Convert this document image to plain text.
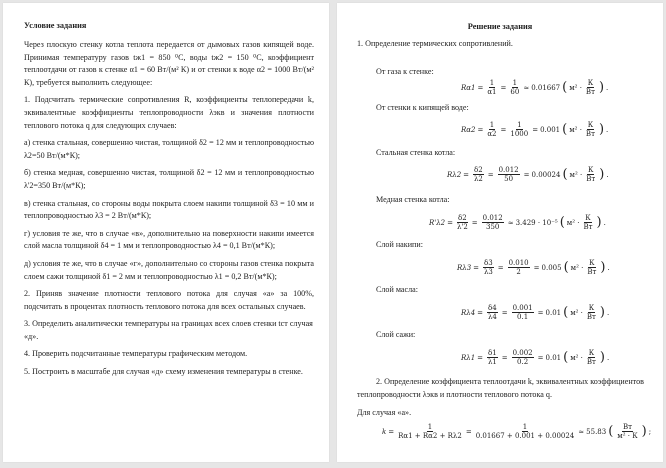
Условие задания

Через плоскую стенку котла теплота передается от дымовых газов кипящей воде. Принимая температуру газов tж1 = 850 ⁰С, воды tж2 = 150 ⁰С, коэффициент теплоотдачи от газов к стенке α1 = 60 Вт/(м² К) и от стенки к воде α2 = 1000 Вт/(м² К), требуется выполнить следующее:

1. Подсчитать термические сопротивления R, коэффициенты теплопередачи k, эквивалентные коэффициенты теплопроводности λэкв и значения плотности теплового потока q для следующих случаев:

а) стенка стальная, совершенно чистая, толщиной δ2 = 12 мм и теплопроводностью λ2=50 Вт/(м*К);

б) стенка медная, совершенно чистая, толщиной δ2 = 12 мм и теплопроводностью λ'2=350 Вт/(м*К);

в) стенка стальная, со стороны воды покрыта слоем накипи толщиной δ3 = 10 мм и теплопроводностью λ3 = 2 Вт/(м*К);

г) условия те же, что в случае «в», дополнительно на поверхности накипи имеется слой масла толщиной δ4 = 1 мм и теплопроводностью λ4 = 0,1 Вт/(м*К);

д) условия те же, что в случае «г», дополнительно со стороны газов стенка покрыта слоем сажи толщиной δ1 = 2 мм и теплопроводностью λ1 = 0,2 Вт/(м*К);

2. Приняв значение плотности теплового потока для случая «а» за 100%, подсчитать в процентах плотность теплового потока для всех остальных случаев.

3. Определить аналитически температуры на границах всех слоев стенки tст случая «д».

4. Проверить подсчитанные температуры графическим методом.

5. Построить в масштабе для случая «д» схему изменения температуры в стенке.

Решение задания
1. Определение термических сопротивлений.
От газа к стенке:
$R\alpha 1 = \frac{1}{\alpha 1} = \frac{1}{60} \approx 0.01667$ ( м² ·
К
Вт ) .
От стенки к кипящей воде:
$R\alpha 2 = \frac{1}{\alpha 2} = \frac{1}{1000} = 0.001$ ( м² ·
К
Вт ) .
Стальная стенка котла:
$R\lambda 2 = \frac{\delta 2}{\lambda 2} = \frac{0.012}{50} = 0.00024$ ( м² ·
К
Вт ) .
Медная стенка котла:
$R'\lambda 2 = \frac{\delta 2}{\lambda'2} = \frac{0.012}{350} \approx 3.429 \cdot 10^{-5}$ ( м² ·
К
Вт ) .
Слой накипи:
$R\lambda 3 = \frac{\delta 3}{\lambda 3} = \frac{0.010}{2} = 0.005$ ( м² ·
К
Вт ) .
Слой масла:
$R\lambda 4 = \frac{\delta 4}{\lambda 4} = \frac{0.001}{0.1} = 0.01$ ( м² ·
К
Вт ) .
Слой сажи:
$R\lambda 1 = \frac{\delta 1}{\lambda 1} = \frac{0.002}{0.2} = 0.01$ ( м² ·
К
Вт ) .
2. Определение коэффициента теплоотдачи k, эквивалентных коэффициентов
теплопроводности λэкв и плотности теплового потока q.
Для случая «а».
$k = \frac{1}{R\alpha 1 + R\alpha 2 + R\lambda 2} = \frac{1}{0.01667 + 0.001 + 0.00024} \approx 55.83$ ( Вт
м² · К ) ;
